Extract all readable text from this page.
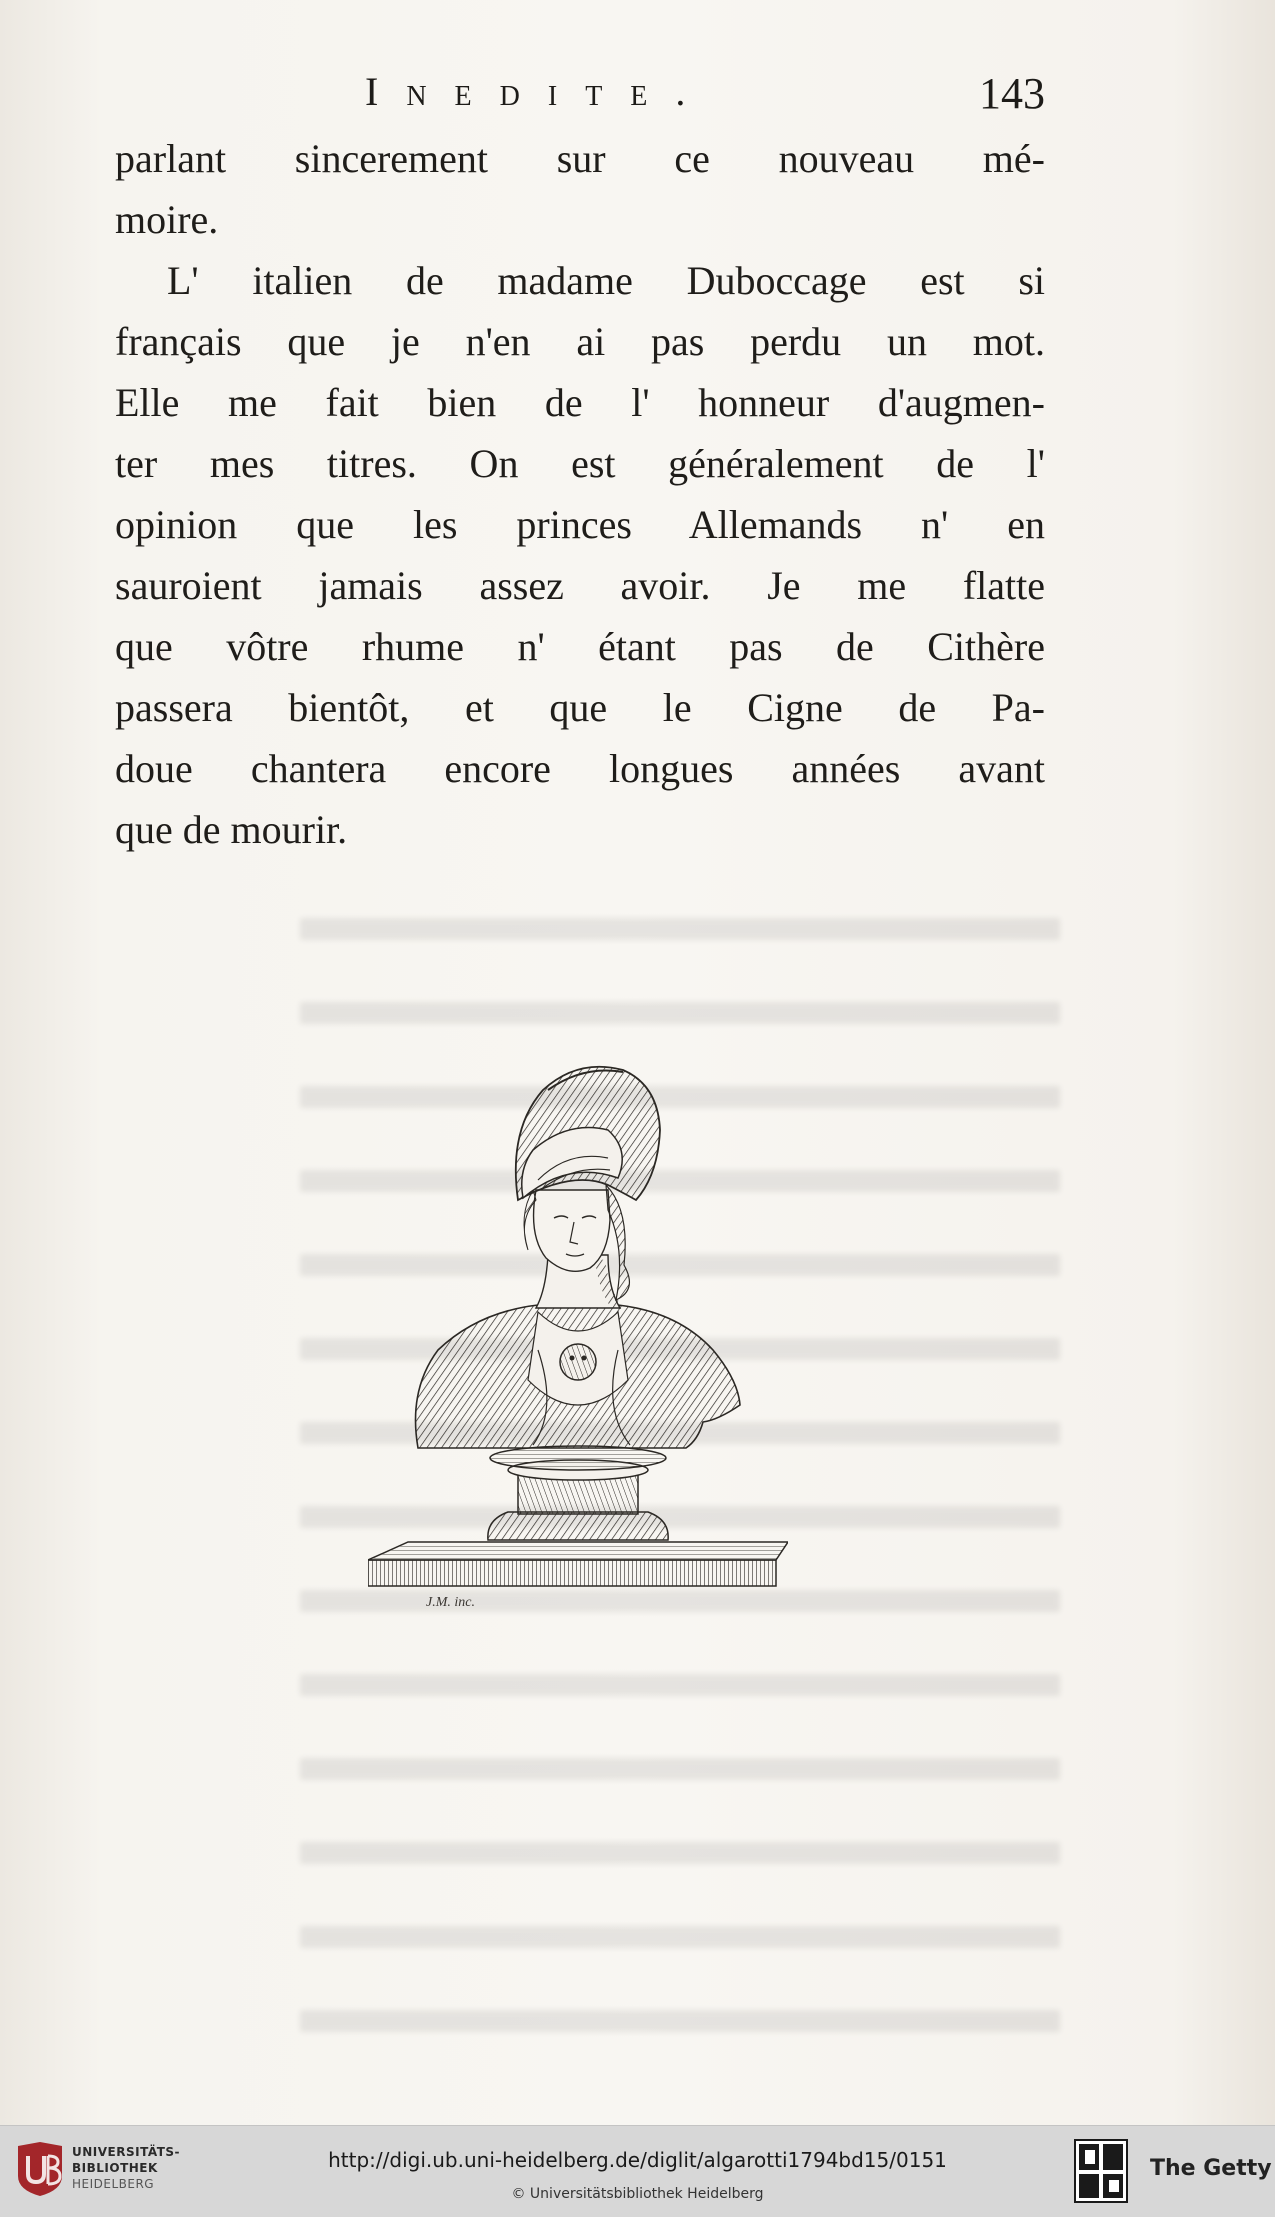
Inedite.	143
parlant sincerement sur ce nouveau mé-
moire.
L' italien de madame Duboccage est si
français que je n'en ai pas perdu un mot.
Elle me fait bien de l' honneur d'augmen-
ter mes titres. On est généralement de l'
opinion que les princes Allemands n' en
sauroient jamais assez avoir. Je me flatte
que vôtre rhume n' étant pas de Cithère
passera bientôt, et que le Cigne de Pa-
doue chantera encore longues années avant
que de mourir.
J.M. inc.
UNIVERSITÄTS-
BIBLIOTHEK
HEIDELBERG
http://digi.ub.uni-heidelberg.de/diglit/algarotti1794bd15/0151
© Universitätsbibliothek Heidelberg
The Getty
